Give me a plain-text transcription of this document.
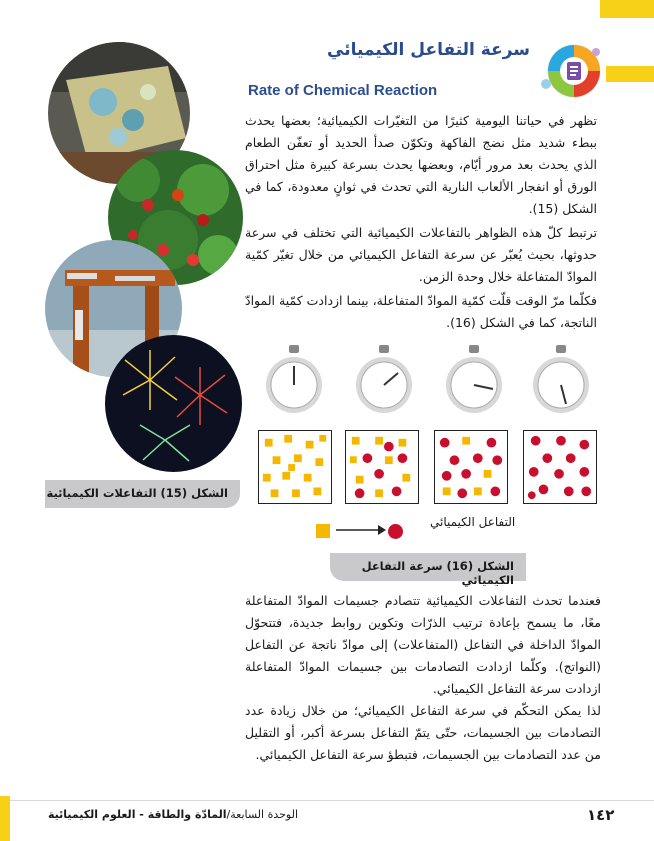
سرعة التفاعل الكيميائي
Rate of Chemical Reaction
تظهر في حياتنا اليومية كثيرًا من التغيّرات الكيميائية؛ بعضها يحدث ببطء شديد مثل نضج الفاكهة وتكوّن صدأ الحديد أو تعفّن الطعام الذي يحدث بعد مرور أيّام، وبعضها يحدث بسرعة كبيرة مثل احتراق الورق أو انفجار الألعاب النارية التي تحدث في ثوانٍ معدودة، كما في الشكل (15).
ترتبط كلّ هذه الظواهر بالتفاعلات الكيميائية التي تختلف في سرعة حدوثها، بحيث يُعبّر عن سرعة التفاعل الكيميائي من خلال تغيّر كمّية الموادّ المتفاعلة خلال وحدة الزمن.
فكلّما مرّ الوقت قلّت كمّية الموادّ المتفاعلة، بينما ازدادت كمّية الموادّ الناتجة، كما في الشكل (16).
فعندما تحدث التفاعلات الكيميائية تتصادم جسيمات الموادّ المتفاعلة معًا، ما يسمح بإعادة ترتيب الذرّات وتكوين روابط جديدة، فتتحوّل الموادّ الداخلة في التفاعل (المتفاعلات) إلى موادّ ناتجة عن التفاعل (النواتج). وكلّما ازدادت التصادمات بين جسيمات الموادّ المتفاعلة ازدادت سرعة التفاعل الكيميائي.
لذا يمكن التحكّم في سرعة التفاعل الكيميائي؛ من خلال زيادة عدد التصادمات بين الجسيمات، حتّى يتمّ التفاعل بسرعة أكبر، أو التقليل من عدد التصادمات بين الجسيمات، فتبطؤ سرعة التفاعل الكيميائي.
الشكل (15) التفاعلات الكيميائية
التفاعل الكيميائي
الشكل (16) سرعة التفاعل الكيميائي
الوحدة السابعة/المادّة والطاقة - العلوم الكيميائية	١٤٢
